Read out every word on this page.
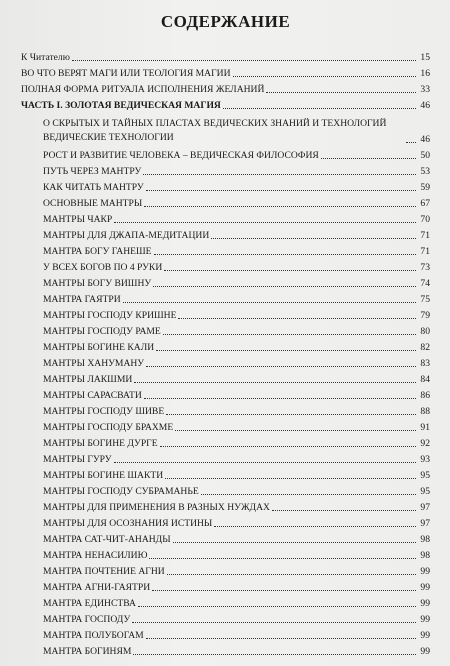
СОДЕРЖАНИЕ
К Читателю	15
ВО ЧТО ВЕРЯТ МАГИ ИЛИ ТЕОЛОГИЯ МАГИИ	16
ПОЛНАЯ ФОРМА РИТУАЛА ИСПОЛНЕНИЯ ЖЕЛАНИЙ	33
ЧАСТЬ I. ЗОЛОТАЯ ВЕДИЧЕСКАЯ МАГИЯ	46
О СКРЫТЫХ И ТАЙНЫХ ПЛАСТАХ ВЕДИЧЕСКИХ ЗНАНИЙ И ТЕХНОЛОГИЙ ВЕДИЧЕСКИЕ ТЕХНОЛОГИИ	46
РОСТ И РАЗВИТИЕ ЧЕЛОВЕКА – ВЕДИЧЕСКАЯ ФИЛОСОФИЯ	50
ПУТЬ ЧЕРЕЗ МАНТРУ	53
КАК ЧИТАТЬ МАНТРУ	59
ОСНОВНЫЕ МАНТРЫ	67
МАНТРЫ ЧАКР	70
МАНТРЫ ДЛЯ ДЖАПА-МЕДИТАЦИИ	71
МАНТРА БОГУ ГАНЕШЕ	71
У ВСЕХ БОГОВ ПО 4 РУКИ	73
МАНТРЫ БОГУ ВИШНУ	74
МАНТРА ГАЯТРИ	75
МАНТРЫ ГОСПОДУ КРИШНЕ	79
МАНТРЫ ГОСПОДУ РАМЕ	80
МАНТРЫ БОГИНЕ КАЛИ	82
МАНТРЫ ХАНУМАНУ	83
МАНТРЫ ЛАКШМИ	84
МАНТРЫ САРАСВАТИ	86
МАНТРЫ ГОСПОДУ ШИВЕ	88
МАНТРЫ ГОСПОДУ БРАХМЕ	91
МАНТРЫ БОГИНЕ ДУРГЕ	92
МАНТРЫ ГУРУ	93
МАНТРЫ БОГИНЕ ШАКТИ	95
МАНТРЫ ГОСПОДУ СУБРАМАНЬЕ	95
МАНТРЫ ДЛЯ ПРИМЕНЕНИЯ В РАЗНЫХ НУЖДАХ	97
МАНТРЫ ДЛЯ ОСОЗНАНИЯ ИСТИНЫ	97
МАНТРА САТ-ЧИТ-АНАНДЫ	98
МАНТРА НЕНАСИЛИЮ	98
МАНТРА ПОЧТЕНИЕ АГНИ	99
МАНТРА АГНИ-ГАЯТРИ	99
МАНТРА ЕДИНСТВА	99
МАНТРА ГОСПОДУ	99
МАНТРА ПОЛУБОГАМ	99
МАНТРА БОГИНЯМ	99
